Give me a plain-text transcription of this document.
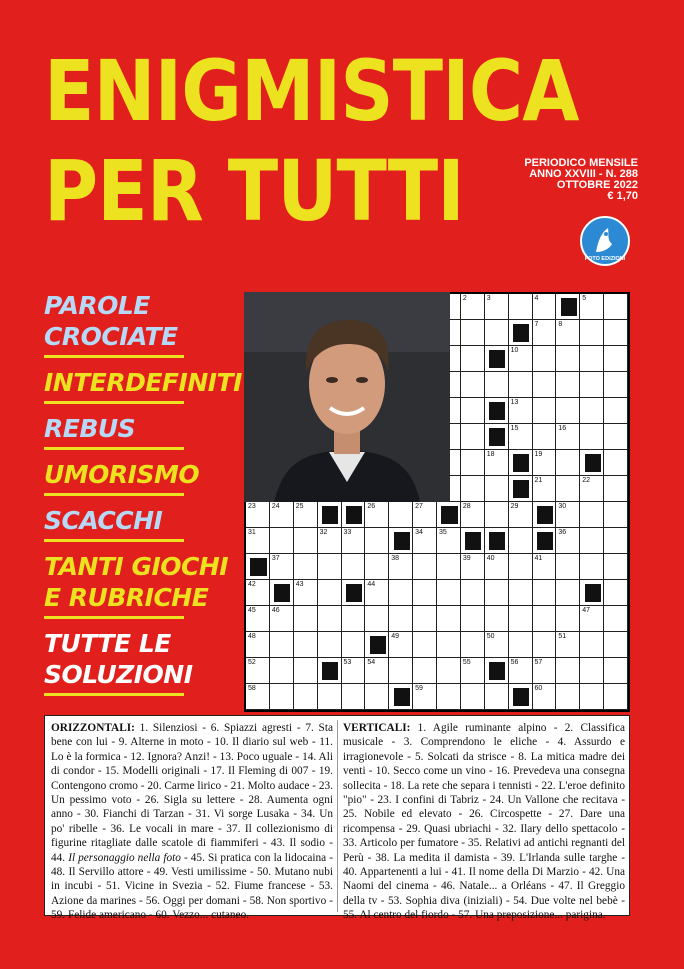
ENIGMISTICA
PER TUTTI	PERIODICO MENSILE
ANNO XXVIII - N. 288
OTTOBRE 2022
€ 1,70
FOTO EDIZIONI
PAROLE
CROCIATE
INTERDEFINITI
REBUS
UMORISMO
SCACCHI
TANTI GIOCHI
E RUBRICHE
TUTTE LE
SOLUZIONI
2	3	4	5
7	8
10
13
15	16
18	19
21	22
23 24 25	26	27	28	29	30
31	32 33	34 35	36
37	38	39 40	41
42	43	44
45 46	47
48	49	50	51
52	53 54	55	56 57
58	59	60
ORIZZONTALI: 1. Silenziosi - 6. Spiazzi agresti - 7. Sta bene con lui - 9. Alterne in moto - 10. Il diario sul web - 11. Lo è la formica - 12. Ignora? Anzi! - 13. Poco uguale - 14. Ali di condor - 15. Modelli originali - 17. Il Fleming di 007 - 19. Contengono cromo - 20. Carme lirico - 21. Molto audace - 23. Un pessimo voto - 26. Sigla su lettere - 28. Aumenta ogni anno - 30. Fianchi di Tarzan - 31. Vi sorge Lusaka - 34. Un po' ribelle - 36. Le vocali in mare - 37. Il collezionismo di figurine ritagliate dalle scatole di fiammiferi - 43. Il sodio - 44. Il personaggio nella foto - 45. Si pratica con la lidocaina - 48. Il Servillo attore - 49. Vesti umilissime - 50. Mutano nubi in incubi - 51. Vicine in Svezia - 52. Fiume francese - 53. Azione da marines - 56. Oggi per domani - 58. Non sportivo - 59. Felide americano - 60. Vezzo... cutaneo.
VERTICALI: 1. Agile ruminante alpino - 2. Classifica musicale - 3. Comprendono le eliche - 4. Assurdo e irragionevole - 5. Solcati da strisce - 8. La mitica madre dei venti - 10. Secco come un vino - 16. Prevedeva una consegna sollecita - 18. La rete che separa i tennisti - 22. L'eroe definito "pio" - 23. I confini di Tabriz - 24. Un Vallone che recitava - 25. Nobile ed elevato - 26. Circospette - 27. Dare una ricompensa - 29. Quasi ubriachi - 32. Ilary dello spettacolo - 33. Articolo per fumatore - 35. Relativi ad antichi regnanti del Perù - 38. La medita il damista - 39. L'Irlanda sulle targhe - 40. Appartenenti a lui - 41. Il nome della Di Marzio - 42. Una Naomi del cinema - 46. Natale... a Orléans - 47. Il Greggio della tv - 53. Sophia diva (iniziali) - 54. Due volte nel bebè - 55. Al centro del fiordo - 57. Una preposizione... parigina.
